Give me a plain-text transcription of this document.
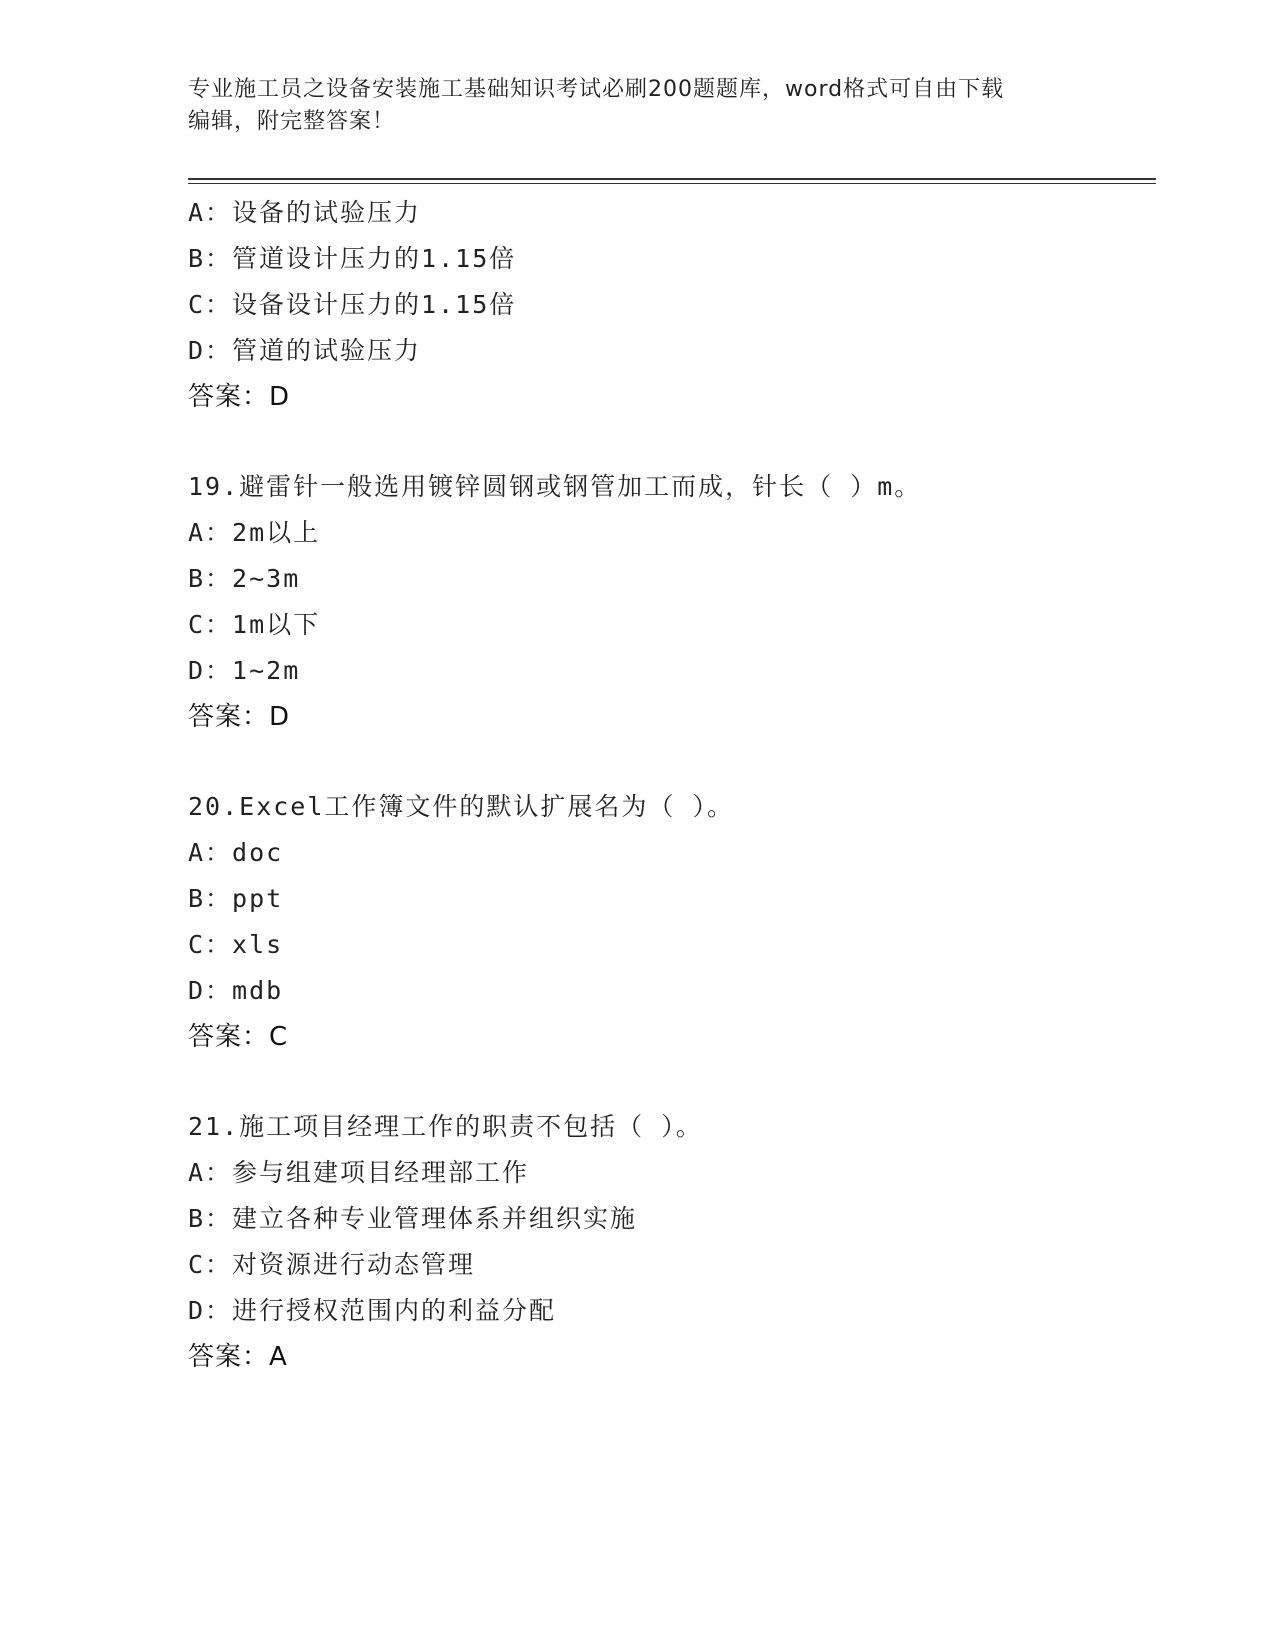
专业施工员之设备安装施工基础知识考试必刷200题题库，word格式可自由下载
编辑，附完整答案！
A：设备的试验压力
B：管道设计压力的1.15倍
C：设备设计压力的1.15倍
D：管道的试验压力
答案：D
19.避雷针一般选用镀锌圆钢或钢管加工而成，针长（ ）m。
A：2m以上
B：2~3m
C：1m以下
D：1~2m
答案：D
20.Excel工作簿文件的默认扩展名为（ ）。
A：doc
B：ppt
C：xls
D：mdb
答案：C
21.施工项目经理工作的职责不包括（ ）。
A：参与组建项目经理部工作
B：建立各种专业管理体系并组织实施
C：对资源进行动态管理
D：进行授权范围内的利益分配
答案：A
